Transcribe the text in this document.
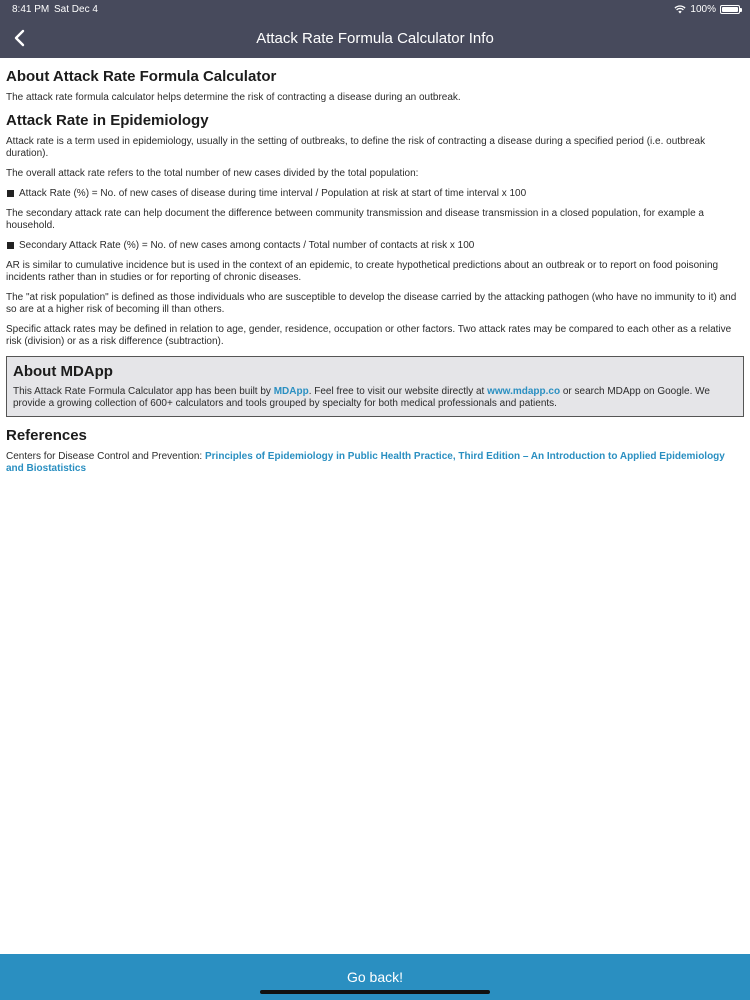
8:41 PM Sat Dec 4	100%
Attack Rate Formula Calculator Info
About Attack Rate Formula Calculator

The attack rate formula calculator helps determine the risk of contracting a disease during an outbreak.

Attack Rate in Epidemiology

Attack rate is a term used in epidemiology, usually in the setting of outbreaks, to define the risk of contracting a disease during a specified period (i.e. outbreak duration).

The overall attack rate refers to the total number of new cases divided by the total population:

Attack Rate (%) = No. of new cases of disease during time interval / Population at risk at start of time interval x 100

The secondary attack rate can help document the difference between community transmission and disease transmission in a closed population, for example a household.

Secondary Attack Rate (%) = No. of new cases among contacts / Total number of contacts at risk x 100

AR is similar to cumulative incidence but is used in the context of an epidemic, to create hypothetical predictions about an outbreak or to report on food poisoning incidents rather than in studies or for reporting of chronic diseases.

The "at risk population" is defined as those individuals who are susceptible to develop the disease carried by the attacking pathogen (who have no immunity to it) and so are at a higher risk of becoming ill than others.

Specific attack rates may be defined in relation to age, gender, residence, occupation or other factors. Two attack rates may be compared to each other as a relative risk (division) or as a risk difference (subtraction).

About MDApp

This Attack Rate Formula Calculator app has been built by MDApp. Feel free to visit our website directly at www.mdapp.co or search MDApp on Google. We provide a growing collection of 600+ calculators and tools grouped by specialty for both medical professionals and patients.

References

Centers for Disease Control and Prevention: Principles of Epidemiology in Public Health Practice, Third Edition – An Introduction to Applied Epidemiology and Biostatistics

Go back!
